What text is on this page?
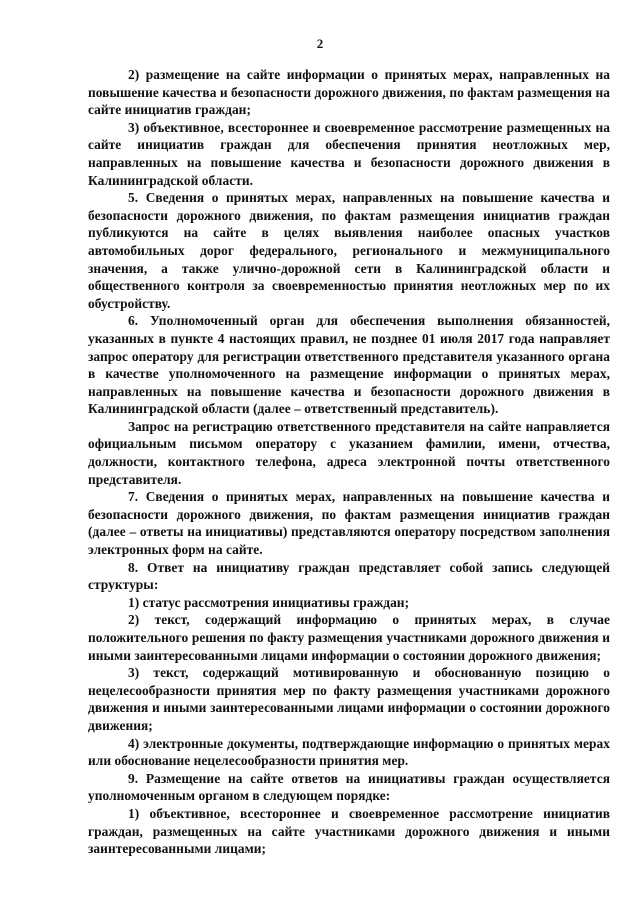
2

2) размещение на сайте информации о принятых мерах, направленных на повышение качества и безопасности дорожного движения, по фактам размещения на сайте инициатив граждан;

3) объективное, всестороннее и своевременное рассмотрение размещенных на сайте инициатив граждан для обеспечения принятия неотложных мер, направленных на повышение качества и безопасности дорожного движения в Калининградской области.

5. Сведения о принятых мерах, направленных на повышение качества и безопасности дорожного движения, по фактам размещения инициатив граждан публикуются на сайте в целях выявления наиболее опасных участков автомобильных дорог федерального, регионального и межмуниципального значения, а также улично-дорожной сети в Калининградской области и общественного контроля за своевременностью принятия неотложных мер по их обустройству.

6. Уполномоченный орган для обеспечения выполнения обязанностей, указанных в пункте 4 настоящих правил, не позднее 01 июля 2017 года направляет запрос оператору для регистрации ответственного представителя указанного органа в качестве уполномоченного на размещение информации о принятых мерах, направленных на повышение качества и безопасности дорожного движения в Калининградской области (далее – ответственный представитель).

Запрос на регистрацию ответственного представителя на сайте направляется официальным письмом оператору с указанием фамилии, имени, отчества, должности, контактного телефона, адреса электронной почты ответственного представителя.

7. Сведения о принятых мерах, направленных на повышение качества и безопасности дорожного движения, по фактам размещения инициатив граждан (далее – ответы на инициативы) представляются оператору посредством заполнения электронных форм на сайте.

8. Ответ на инициативу граждан представляет собой запись следующей структуры:

1) статус рассмотрения инициативы граждан;

2) текст, содержащий информацию о принятых мерах, в случае положительного решения по факту размещения участниками дорожного движения и иными заинтересованными лицами информации о состоянии дорожного движения;

3) текст, содержащий мотивированную и обоснованную позицию о нецелесообразности принятия мер по факту размещения участниками дорожного движения и иными заинтересованными лицами информации о состоянии дорожного движения;

4) электронные документы, подтверждающие информацию о принятых мерах или обоснование нецелесообразности принятия мер.

9. Размещение на сайте ответов на инициативы граждан осуществляется уполномоченным органом в следующем порядке:

1) объективное, всестороннее и своевременное рассмотрение инициатив граждан, размещенных на сайте участниками дорожного движения и иными заинтересованными лицами;
